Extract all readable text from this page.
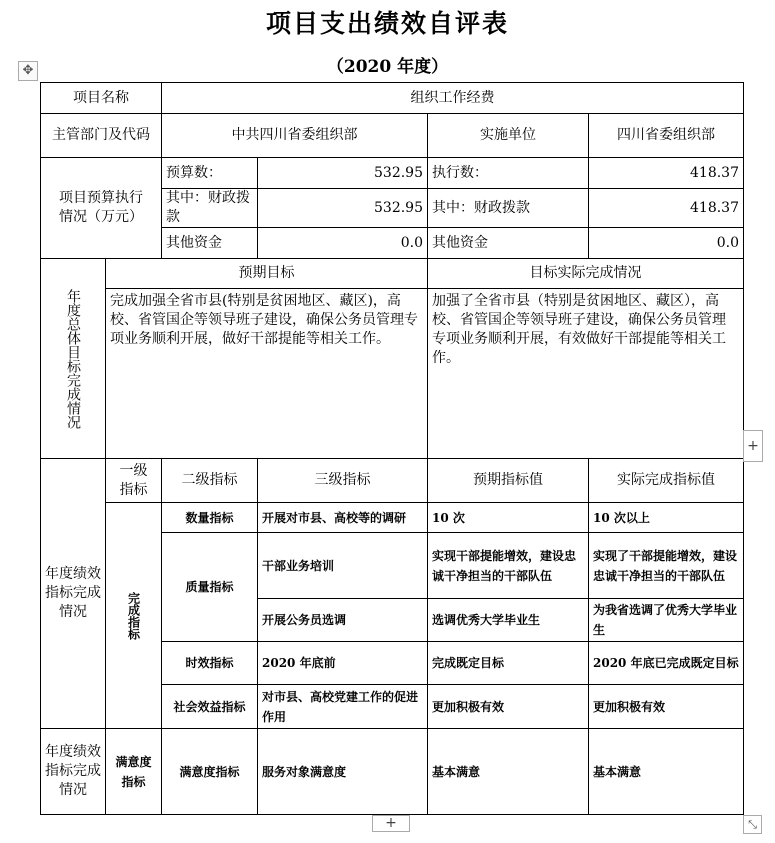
项目支出绩效自评表
（2020 年度）
✥
项目名称		组织工作经费			
主管部门及代码		中共四川省委组织部		实施单位	四川省委组织部

项目预算执行情况（万元）		预算数：	532.95	执行数：	418.37
		其中：财政拨款	532.95	其中：财政拨款	418.37
		其他资金	0.0	其他资金	0.0

年度总体目标完成情况	预期目标			目标实际完成情况	
	完成加强全省市县(特别是贫困地区、藏区)，高校、省管国企等领导班子建设，确保公务员管理专项业务顺利开展，做好干部提能等相关工作。			加强了全省市县（特别是贫困地区、藏区），高校、省管国企等领导班子建设，确保公务员管理专项业务顺利开展，有效做好干部提能等相关工作。	

年度绩效指标完成情况	一级指标	二级指标	三级指标	预期指标值	实际完成指标值

	完成指标	数量指标	开展对市县、高校等的调研	10 次	10 次以上
		质量指标	干部业务培训	实现干部提能增效，建设忠诚干净担当的干部队伍	实现了干部提能增效，建设忠诚干净担当的干部队伍
			开展公务员选调	选调优秀大学毕业生	为我省选调了优秀大学毕业生
		时效指标	2020 年底前	完成既定目标	2020 年底已完成既定目标
		社会效益指标	对市县、高校党建工作的促进作用	更加积极有效	更加积极有效

年度绩效指标完成情况	满意度指标	满意度指标	服务对象满意度	基本满意	基本满意
+
+	⤡
